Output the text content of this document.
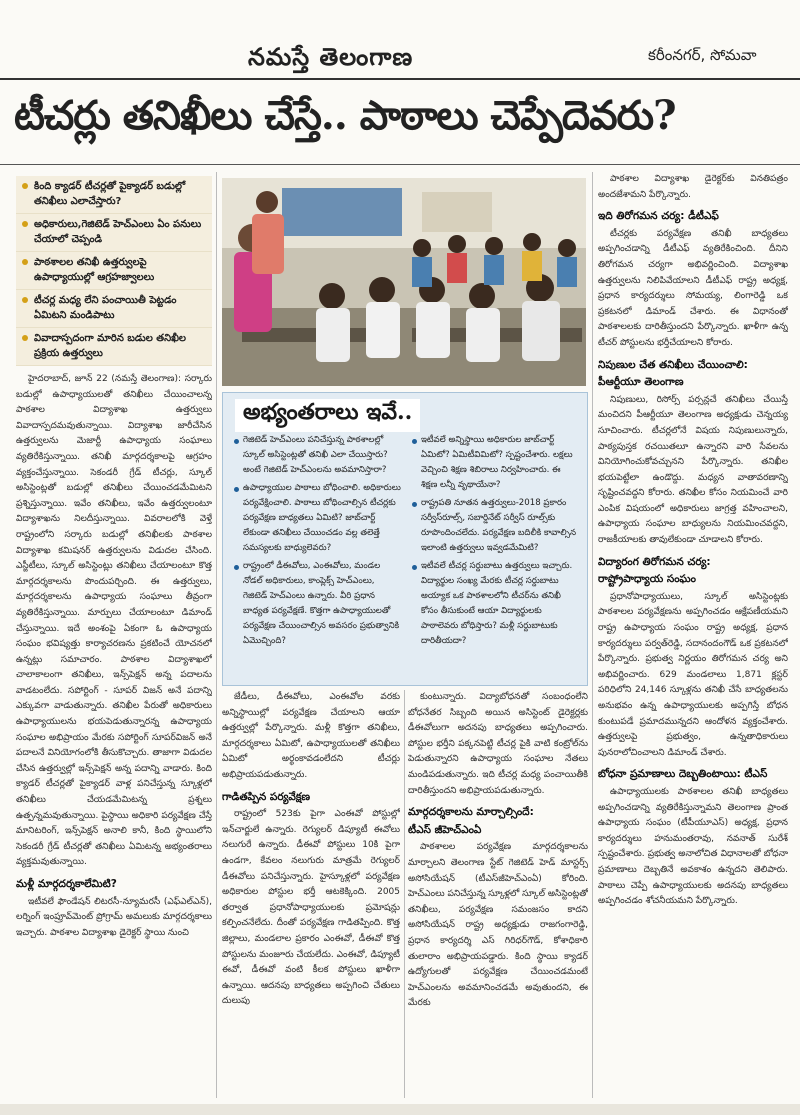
నమస్తే తెలంగాణ	కరీంనగర్, సోమవా
టీచర్లు తనిఖీలు చేస్తే.. పాఠాలు చెప్పేదెవరు?
కింది క్యాడర్ టీచర్లతో పైక్యాడర్ బడుల్లో తనిఖీలు ఎలాచేస్తారు?
అధికారులు,గెజిటెడ్ హెచ్‌ఎంలు ఏం పనులు చేయాలో చెప్పండి
పాఠశాలల తనిఖీ ఉత్తర్వులపై ఉపాధ్యాయుల్లో ఆగ్రహజ్వాలలు
టీచర్ల మధ్య లేని పంచాయితీ పెట్టడం ఏమిటని మండిపాటు
వివాదాస్పదంగా మారిన బడుల తనిఖీల ప్రక్రియ ఉత్తర్వులు
అభ్యంతరాలు ఇవే..
గెజిటెడ్ హెచ్‌ఎంలు పనిచేస్తున్న పాఠశాలల్లో స్కూల్ అసిస్టెంట్లతో తనిఖీ ఎలా చేయిస్తారు? అంటే గెజిటెడ్ హెచ్‌ఎంలను అవమానిస్తారా?
ఉపాధ్యాయుల పాఠాలు బోధించాలి. అధికారులు పర్యవేక్షించాలి. పాఠాలు బోధించాల్సిన టీచర్లకు పర్యవేక్షణ బాధ్యతలు ఏమిటి? జాబ్‌చార్ట్ లేకుండా తనిఖీలు చేయించడం వల్ల తలెత్తే సమస్యలకు బాధ్యులెవరు?
రాష్ట్రంలో డీఈవోలు, ఎంఈవోలు, మండల నోడల్ అధికారులు, కాంప్లెక్స్ హెచ్‌ఎంలు, గెజిటెడ్ హెచ్‌ఎంలు ఉన్నారు. వీరి ప్రధాన బాధ్యత పర్యవేక్షణే. కొత్తగా ఉపాధ్యాయులతో పర్యవేక్షణ చేయించాల్సిన అవసరం ప్రభుత్వానికి ఏమొచ్చింది?
ఇటీవలే అన్నిస్థాయి అధికారుల జాబ్‌చార్ట్ ఏమిటో? ఏమిటీవిమిటో? స్పష్టంచేశారు. లక్షలు వెచ్చించి శిక్షణ శిబిరాలు నిర్వహించారు. ఈ శిక్షణ లన్నీ వృథాయేనా?
రాష్ట్రపతి నూతన ఉత్తర్వులు-2018 ప్రకారం సర్వీస్‌రూల్స్, సబార్డినేట్ సర్వీస్ రూల్స్‌కు రూపొందించలేదు. పర్యవేక్షణ బదిలీకి కావాల్సిన ఇలాంటి ఉత్తర్వులు ఇవ్వడమేమిటి?
ఇటీవలే టీచర్ల సర్దుబాటు ఉత్తర్వులు ఇచ్చారు. విద్యార్థుల సంఖ్య మేరకు టీచర్ల సర్దుబాటు అయ్యాక ఒక పాఠశాలలోని టీచర్‌ను తనిఖీ కోసం తీసుకుంటే ఆయా విద్యార్థులకు పాఠాలెవరు బోధిస్తారు? మళ్లీ సర్దుబాటుకు దారితీయదా?

హైదరాబాద్, జూన్ 22 (నమస్తే తెలంగాణ): సర్కారు బడుల్లో ఉపాధ్యాయులతో తనిఖీలు చేయించాలన్న పాఠశాల విద్యాశాఖ ఉత్తర్వులు వివాదాస్పదమవుతున్నాయి. విద్యాశాఖ జారీచేసిన ఉత్తర్వులను మెజార్టీ ఉపాధ్యాయ సంఘాలు వ్యతిరేకిస్తున్నాయి. తనిఖీ మార్గదర్శకాలపై ఆగ్రహం వ్యక్తంచేస్తున్నాయి. సెకండరీ గ్రేడ్ టీచర్లు, స్కూల్ అసిస్టెంట్లతో బడుల్లో తనిఖీలు చేయించడమేమిటని ప్రశ్నిస్తున్నాయి. ఇవేం తనిఖీలు, ఇవేం ఉత్తర్వులంటూ విద్యాశాఖను నిలదీస్తున్నాయి. వివరాలలోకి వెళ్తే రాష్ట్రంలోని సర్కారు బడుల్లో తనిఖీలకు పాఠశాల విద్యాశాఖ కమిషనర్ ఉత్తర్వులను విడుదల చేసింది. ఎస్జీటీలు, స్కూల్ అసిస్టెంట్లు తనిఖీలు చేయాలంటూ కొత్త మార్గదర్శకాలను పొందుపర్చింది. ఈ ఉత్తర్వులు, మార్గదర్శకాలను ఉపాధ్యాయ సంఘాలు తీవ్రంగా వ్యతిరేకిస్తున్నాయి. మార్పులు చేయాలంటూ డిమాండ్ చేస్తున్నాయి. ఇదే అంశంపై ఏకంగా ఓ ఉపాధ్యాయ సంఘం భవిష్యత్తు కార్యాచరణను ప్రకటించే యోచనలో ఉన్నట్లు సమాచారం. పాఠశాల విద్యాశాఖలో చాలాకాలంగా తనిఖీలు, ఇన్స్‌పెక్షన్ అన్న పదాలను వాడటంలేదు. సపోర్టింగ్ - సూపర్ విజన్ అనే పదాన్ని ఎక్కువగా వాడుతున్నారు. తనిఖీల పేరుతో అధికారులు ఉపాధ్యాయులను భయపెడుతున్నారన్న ఉపాధ్యాయ సంఘాల అభిప్రాయం మేరకు సపోర్టింగ్ సూపర్‌విజన్ అనే పదాలనే వినియోగంలోకి తీసుకొచ్చారు. తాజాగా విడుదల చేసిన ఉత్తర్వుల్లో ఇన్స్‌పెక్షన్ అన్న పదాన్ని వాడారు. కింది క్యాడర్ టీచర్లతో పైక్యాడర్ వాళ్ల పనిచేస్తున్న స్కూళ్లలో తనిఖీలు చేయడమేమిటన్న ప్రశ్నలు ఉత్పన్నమవుతున్నాయి. పైస్థాయి అధికారి పర్యవేక్షణ చేస్తే మానిటరింగ్, ఇన్స్‌పెక్షన్ అనాలి కానీ, కింది స్థాయిలోని సెకండరీ గ్రేడ్ టీచర్లతో తనిఖీలు ఏమిటన్న అభ్యంతరాలు వ్యక్తమవుతున్నాయి.

మళ్లీ మార్గదర్శకాలేమిటి?

ఇటీవలే ఫౌండేషన్ లిటరసీ-న్యూమరసీ (ఎఫ్‌ఎల్‌ఎన్), లర్నింగ్ ఇంప్రూవ్‌మెంట్ ప్రోగ్రామ్ అమలుకు మార్గదర్శకాలు ఇచ్చారు. పాఠశాల విద్యాశాఖ డైరెక్టర్ స్థాయి నుంచి

జేడీలు, డీఈవోలు, ఎంఈవోల వరకు అన్నిస్థాయిల్లో పర్యవేక్షణ చేయాలని ఆయా ఉత్తర్వుల్లో పేర్కొన్నారు. మళ్లీ కొత్తగా తనిఖీలు, మార్గదర్శకాలు ఏమిటో, ఉపాధ్యాయులతో తనిఖీలు ఏమిటో అర్థంకావడంలేదని టీచర్లు అభిప్రాయపడుతున్నారు.

గాడితప్పిన పర్యవేక్షణ

రాష్ట్రంలో 523కు పైగా ఎంఈవో పోస్టుల్లో ఇన్‌చార్జులే ఉన్నారు. రెగ్యులర్ డిప్యూటీ ఈవోలు నలుగురే ఉన్నారు. డీఈవో పోస్టులు 10కి పైగా ఉండగా, కేవలం నలుగురు మాత్రమే రెగ్యులర్ డీఈవోలు పనిచేస్తున్నారు. హైస్కూళ్లలో పర్యవేక్షణ అధికారుల పోస్టుల భర్తీ ఆటకెక్కింది. 2005 తర్వాత ప్రధానోపాధ్యాయులకు ప్రమోషన్లు కల్పించనేలేదు. దీంతో పర్యవేక్షణ గాడితప్పింది. కొత్త జిల్లాలు, మండలాల ప్రకారం ఎంఈవో, డీఈవో కొత్త పోస్టులను మంజూరు చేయలేదు. ఎంఈవో, డిప్యూటీ ఈవో, డీఈవో వంటి కీలక పోస్టులు ఖాళీగా ఉన్నాయి. ఆదనపు బాధ్యతలు అప్పగించి చేతులు దులుపు

కుంటున్నారు. విద్యాబోధనతో సంబంధంలేని బోధనేతర సిబ్బంది అయిన అసిస్టెంట్ డైరెక్టర్లకు డీఈవోలుగా అదనపు బాధ్యతలు అప్పగించారు. పోస్టుల భర్తీని పక్కనపెట్టి టీచర్ల పైకి వాటి కంట్రోల్‌ను పెడుతున్నారని ఉపాధ్యాయ సంఘాల నేతలు మండిపడుతున్నారు. ఇది టీచర్ల మధ్య పంచాయితీకి దారితీస్తుందని అభిప్రాయపడుతున్నారు.

మార్గదర్శకాలను మార్చాల్సిందే:

టీఎస్ జీహెచ్‌ఎంఏ

పాఠశాలల పర్యవేక్షణ మార్గదర్శకాలను మార్చాలని తెలంగాణ స్టేట్ గెజిటెడ్ హెడ్ మాస్టర్స్ అసోసియేషన్ (టీఎస్‌జీహెచ్‌ఎంఏ) కోరింది. హెచ్‌ఎంలు పనిచేస్తున్న స్కూళ్లలో స్కూల్ అసిస్టెంట్లతో తనిఖీలు, పర్యవేక్షణ సమంజసం కాదని అసోసియేషన్ రాష్ట్ర అధ్యక్షుడు రాజగంగారెడ్డి, ప్రధాన కార్యదర్శి ఎస్ గిరిధర్‌గౌడ్, కోశాధికారి తులారాం అభిప్రాయపడ్డారు. కింది స్థాయి క్యాడర్ ఉద్యోగులతో పర్యవేక్షణ చేయించడమంటే హెచ్‌ఎంలను అవమానించడమే అవుతుందని, ఈ మేరకు

పాఠశాల విద్యాశాఖ డైరెక్టర్‌కు వినతిపత్రం అందజేశామని పేర్కొన్నారు.

ఇది తిరోగమన చర్య: డీటీఎఫ్

టీచర్లకు పర్యవేక్షణ తనిఖీ బాధ్యతలు అప్పగించడాన్ని డీటీఎఫ్ వ్యతిరేకించింది. దీనిని తిరోగమన చర్యగా అభివర్ణించింది. విద్యాశాఖ ఉత్తర్వులను నిలిపివేయాలని డీటీఎఫ్ రాష్ట్ర అధ్యక్ష, ప్రధాన కార్యదర్శులు సోమయ్య, లింగారెడ్డి ఒక ప్రకటనలో డిమాండ్ చేశారు. ఈ విధానంతో పాఠశాలలకు దారితీస్తుందని పేర్కొన్నారు. ఖాళీగా ఉన్న టీచర్ పోస్టులను భర్తీచేయాలని కోరారు.

నిపుణుల చేత తనిఖీలు చేయించాలి:

పీఆర్టీయూ తెలంగాణ

నిపుణులు, రిసోర్స్ పర్సన్లచే తనిఖీలు చేయిస్తే మంచిదని పీఆర్టీయూ తెలంగాణ అధ్యక్షుడు చెన్నయ్య సూచించారు. టీచర్లలోనే విషయ నిపుణులున్నారు, పాఠ్యపుస్తక రచయితలూ ఉన్నారని వారి సేవలను వినియోగించుకోవచ్చునని పేర్కొన్నారు. తనిఖీల భయపెట్టేలా ఉండొద్దు. మధ్యన వాతావరణాన్ని సృష్టించవద్దని కోరారు. తనిఖీల కోసం నియమించే వారి ఎంపిక విషయంలో అధికారులు జాగ్రత్త వహించాలని, ఉపాధ్యాయ సంఘాల బాధ్యులను నియమించవద్దని, రాజకీయాలకు తావులేకుండా చూడాలని కోరారు.

విద్యారంగ తిరోగమన చర్య:

రాష్ట్రోపాధ్యాయ సంఘం

ప్రధానోపాధ్యాయులు, స్కూల్ అసిస్టెంట్లకు పాఠశాలల పర్యవేక్షణను అప్పగించడం ఆక్షేపణీయమని రాష్ట్ర ఉపాధ్యాయ సంఘం రాష్ట్ర అధ్యక్ష, ప్రధాన కార్యదర్శులు పర్వత్‌రెడ్డి, సదానందంగౌడ్ ఒక ప్రకటనలో పేర్కొన్నారు. ప్రభుత్వ నిర్ణయం తిరోగమన చర్య అని అభివర్ణించారు. 629 మండలాలు 1,871 క్లస్టర్ పరిధిలోని 24,146 స్కూళ్లను తనిఖీ చేసే బాధ్యతలను అనుభవం ఉన్న ఉపాధ్యాయులకు అప్పగిస్తే బోధన కుంటుపడే ప్రమాదమున్నదని ఆందోళన వ్యక్తంచేశారు. ఉత్తర్వులపై ప్రభుత్వం, ఉన్నతాధికారులు పునరాలోచించాలని డిమాండ్ చేశారు.

బోధనా ప్రమాణాలు దెబ్బతింటాయి: టీఎస్

ఉపాధ్యాయులకు పాఠశాలల తనిఖీ బాధ్యతలు అప్పగించడాన్ని వ్యతిరేకిస్తున్నామని తెలంగాణ ప్రాంత ఉపాధ్యాయ సంఘం (టీపీయూఎస్) అధ్యక్ష, ప్రధాన కార్యదర్శులు హనుమంతరావు, నవనాత్ సురేశ్ స్పష్టంచేశారు. ప్రభుత్వ అనాలోచిత విధానాలతో బోధనా ప్రమాణాలు దెబ్బతినే అవకాశం ఉన్నదని తెలిపారు. పాఠాలు చెప్పే ఉపాధ్యాయులకు అదనపు బాధ్యతలు అప్పగించడం శోచనీయమని పేర్కొన్నారు.
